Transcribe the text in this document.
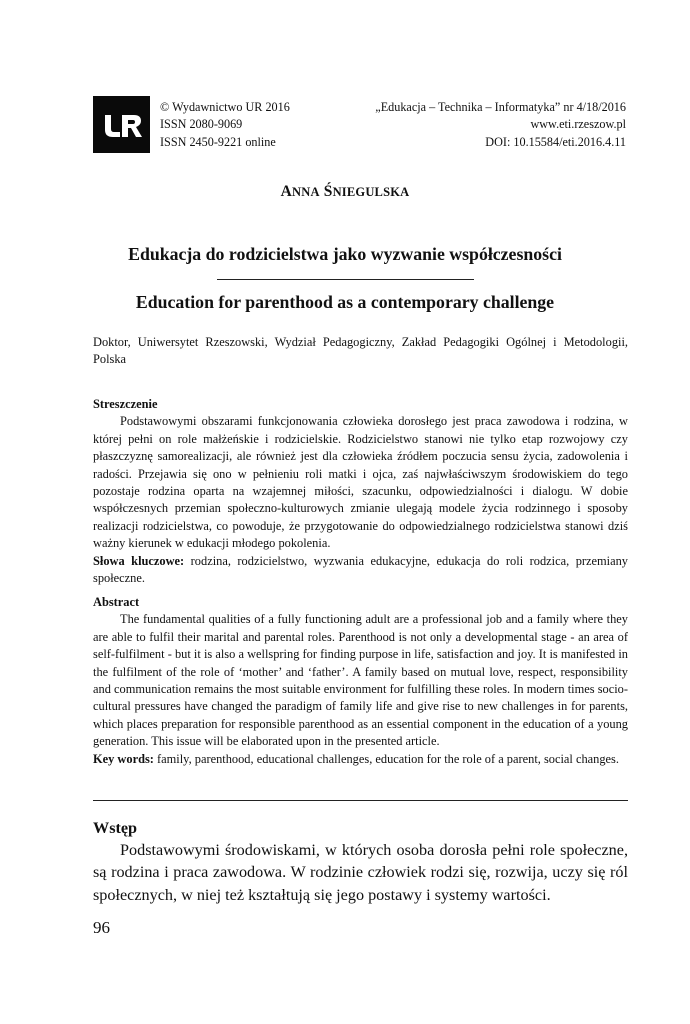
© Wydawnictwo UR 2016
ISSN 2080-9069
ISSN 2450-9221 online
„Edukacja – Technika – Informatyka” nr 4/18/2016
www.eti.rzeszow.pl
DOI: 10.15584/eti.2016.4.11
ANNA ŚNIEGULSKA
Edukacja do rodzicielstwa jako wyzwanie współczesności
Education for parenthood as a contemporary challenge
Doktor, Uniwersytet Rzeszowski, Wydział Pedagogiczny, Zakład Pedagogiki Ogólnej i Metodologii, Polska

Streszczenie

Podstawowymi obszarami funkcjonowania człowieka dorosłego jest praca zawodowa i rodzina, w której pełni on role małżeńskie i rodzicielskie. Rodzicielstwo stanowi nie tylko etap rozwojowy czy płaszczyznę samorealizacji, ale również jest dla człowieka źródłem poczucia sensu życia, zadowolenia i radości. Przejawia się ono w pełnieniu roli matki i ojca, zaś najwłaściwszym środowiskiem do tego pozostaje rodzina oparta na wzajemnej miłości, szacunku, odpowiedzialności i dialogu. W dobie współczesnych przemian społeczno-kulturowych zmianie ulegają modele życia rodzinnego i sposoby realizacji rodzicielstwa, co powoduje, że przygotowanie do odpowiedzialnego rodzicielstwa stanowi dziś ważny kierunek w edukacji młodego pokolenia.

Słowa kluczowe: rodzina, rodzicielstwo, wyzwania edukacyjne, edukacja do roli rodzica, przemiany społeczne.

Abstract

The fundamental qualities of a fully functioning adult are a professional job and a family where they are able to fulfil their marital and parental roles. Parenthood is not only a developmental stage - an area of self-fulfilment - but it is also a wellspring for finding purpose in life, satisfaction and joy. It is manifested in the fulfilment of the role of ‘mother’ and ‘father’. A family based on mutual love, respect, responsibility and communication remains the most suitable environment for fulfilling these roles. In modern times socio-cultural pressures have changed the paradigm of family life and give rise to new challenges in for parents, which places preparation for responsible parenthood as an essential component in the education of a young generation. This issue will be elaborated upon in the presented article.

Key words: family, parenthood, educational challenges, education for the role of a parent, social changes.

Wstęp

Podstawowymi środowiskami, w których osoba dorosła pełni role społeczne, są rodzina i praca zawodowa. W rodzinie człowiek rodzi się, rozwija, uczy się ról społecznych, w niej też kształtują się jego postawy i systemy wartości.

96
